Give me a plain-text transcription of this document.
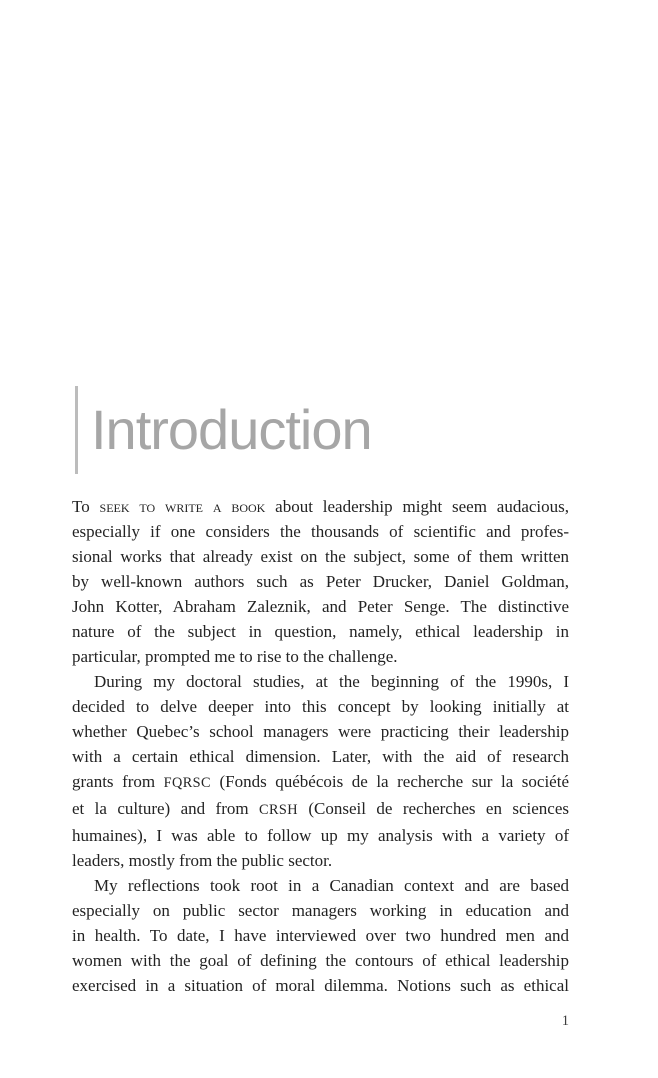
Introduction
To seek to write a book about leadership might seem audacious,
especially if one considers the thousands of scientific and profes-
sional works that already exist on the subject, some of them written
by well-known authors such as Peter Drucker, Daniel Goldman,
John Kotter, Abraham Zaleznik, and Peter Senge. The distinctive
nature of the subject in question, namely, ethical leadership in
particular, prompted me to rise to the challenge.
During my doctoral studies, at the beginning of the 1990s, I
decided to delve deeper into this concept by looking initially at
whether Quebec’s school managers were practicing their leadership
with a certain ethical dimension. Later, with the aid of research
grants from FQRSC (Fonds québécois de la recherche sur la société
et la culture) and from CRSH (Conseil de recherches en sciences
humaines), I was able to follow up my analysis with a variety of
leaders, mostly from the public sector.
My reflections took root in a Canadian context and are based
especially on public sector managers working in education and
in health. To date, I have interviewed over two hundred men and
women with the goal of defining the contours of ethical leadership
exercised in a situation of moral dilemma. Notions such as ethical
1
